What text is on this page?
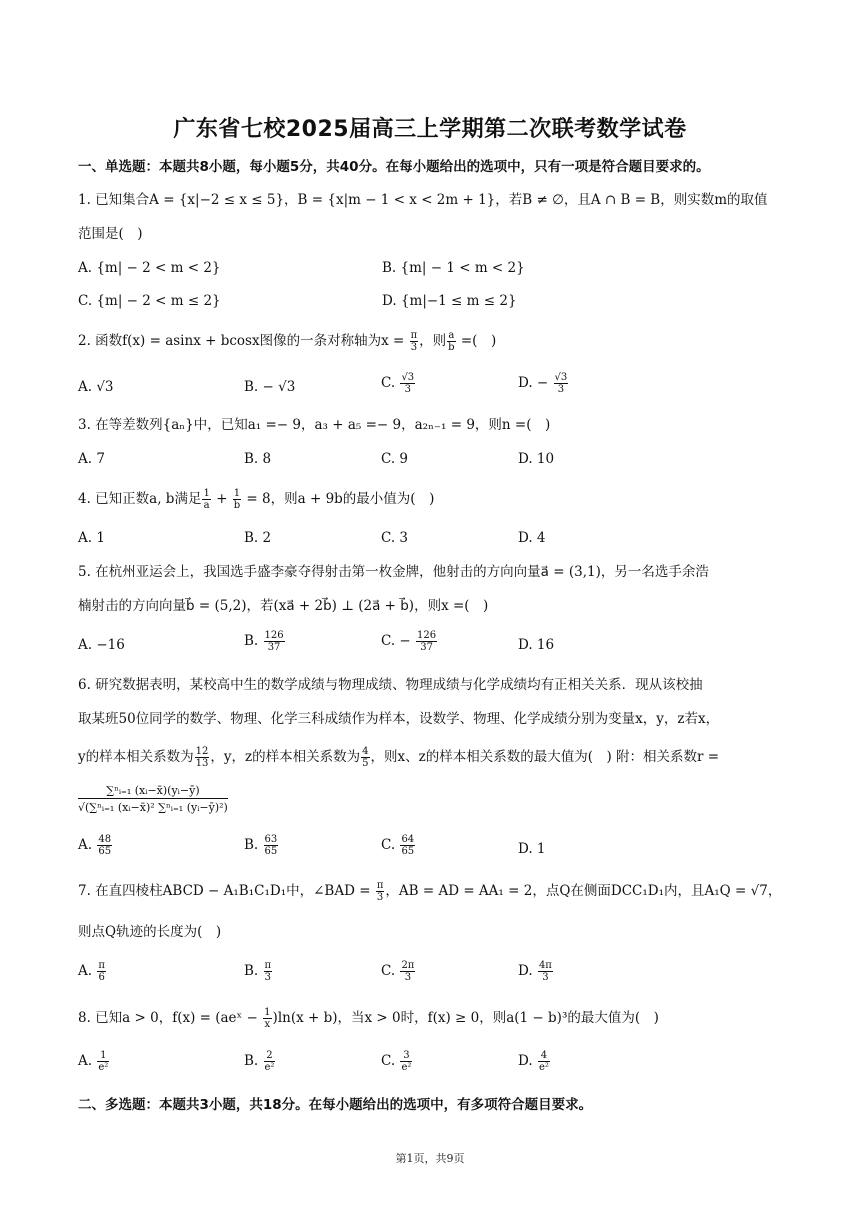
广东省七校2025届高三上学期第二次联考数学试卷
一、单选题：本题共8小题，每小题5分，共40分。在每小题给出的选项中，只有一项是符合题目要求的。
1. 已知集合A = {x|−2 ≤ x ≤ 5}，B = {x|m − 1 < x < 2m + 1}，若B ≠ ∅，且A ∩ B = B，则实数m的取值
范围是(　)
A. {m| − 2 < m < 2}	B. {m| − 1 < m < 2}
C. {m| − 2 < m ≤ 2}	D. {m|−1 ≤ m ≤ 2}
2. 函数f(x) = asinx + bcosx图像的一条对称轴为$x = \frac{\pi}{3}$ ，则 $\frac{a}{b}$ =(　)
A. √3	B. − √3	C. $\frac{√3}{3}$	D. − $\frac{√3}{3}$
3. 在等差数列{aₙ}中，已知a₁ =− 9，a₃ + a₅ =− 9，a₂ₙ₋₁ = 9，则n =(　)
A. 7	B. 8	C. 9	D. 10
4. 已知正数a, b满足 $\frac{1}{a} + \frac{1}{b} = 8$，则a + 9b的最小值为(　)
A. 1	B. 2	C. 3	D. 4
5. 在杭州亚运会上，我国选手盛李豪夺得射击第一枚金牌，他射击的方向向量a⃗ = (3,1)，另一名选手余浩
楠射击的方向向量b⃗ = (5,2)，若(xa⃗ + 2b⃗) ⊥ (2a⃗ + b⃗)，则x =(　)
A. −16	B. $\frac{126}{37}$	C. − $\frac{126}{37}$	D. 16
6. 研究数据表明，某校高中生的数学成绩与物理成绩、物理成绩与化学成绩均有正相关关系．现从该校抽
取某班50位同学的数学、物理、化学三科成绩作为样本，设数学、物理、化学成绩分别为变量x，y，z若x，
y的样本相关系数为 $\frac{12}{13}$ ，y，z的样本相关系数为 $\frac{4}{5}$ ，则x、z的样本相关系数的最大值为(　) 附：相关系数r =
$\frac{\text{∑ⁿᵢ₌₁ (xᵢ−x̄)(yᵢ−ȳ)}}{\text{√(∑ⁿᵢ₌₁ (xᵢ−x̄)² ∑ⁿᵢ₌₁ (yᵢ−ȳ)²)}}$
A. $\frac{48}{65}$	B. $\frac{63}{65}$	C. $\frac{64}{65}$	D. 1
7. 在直四棱柱ABCD − A₁B₁C₁D₁中，∠BAD = $\frac{\pi}{3}$ ，AB = AD = AA₁ = 2，点Q在侧面DCC₁D₁内，且A₁Q = √7，
则点Q轨迹的长度为(　)
A. $\frac{\pi}{6}$	B. $\frac{\pi}{3}$	C. $\frac{2\pi}{3}$	D. $\frac{4\pi}{3}$
8. 已知a > 0，f(x) = (aeˣ − $\frac{1}{x} )\ln(x + b)$，当x > 0时，f(x) ≥ 0，则a(1 − b)³的最大值为(　)
A. $\frac{1}{\text{e²}}$	B. $\frac{2}{\text{e²}}$	C. $\frac{3}{\text{e²}}$	D. $\frac{4}{\text{e²}}$
二、多选题：本题共3小题，共18分。在每小题给出的选项中，有多项符合题目要求。
第1页，共9页
